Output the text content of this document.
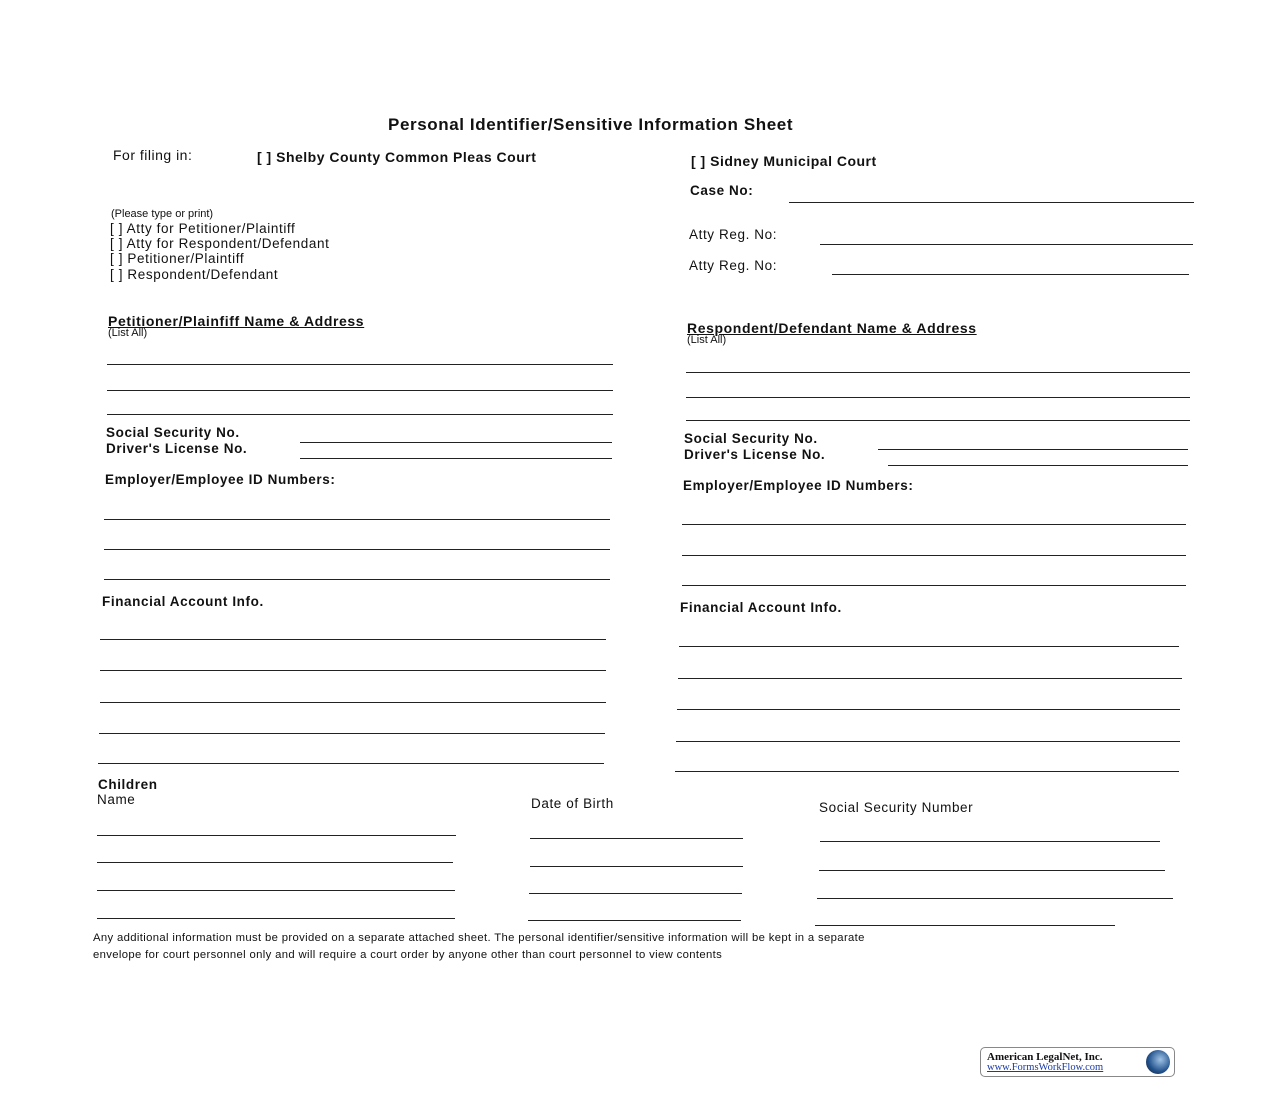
Personal Identifier/Sensitive Information Sheet
For filing in:	[ ] Shelby County Common Pleas Court	[ ] Sidney Municipal Court
Case No:
Atty Reg. No:
Atty Reg. No:
(Please type or print)
[ ] Atty for Petitioner/Plaintiff
[ ] Atty for Respondent/Defendant
[ ] Petitioner/Plaintiff
[ ] Respondent/Defendant
Petitioner/Plainfiff Name & Address
(List All)
Social Security No.
Driver's License No.
Employer/Employee ID Numbers:
Financial Account Info.
Respondent/Defendant Name & Address
(List All)
Social Security No.
Driver's License No.
Employer/Employee ID Numbers:
Financial Account Info.
Children
Name	Date of Birth	Social Security Number
Any additional information must be provided on a separate attached sheet. The personal identifier/sensitive information will be kept in a separate
envelope for court personnel only and will require a court order by anyone other than court personnel to view contents
American LegalNet, Inc.
www.FormsWorkFlow.com
